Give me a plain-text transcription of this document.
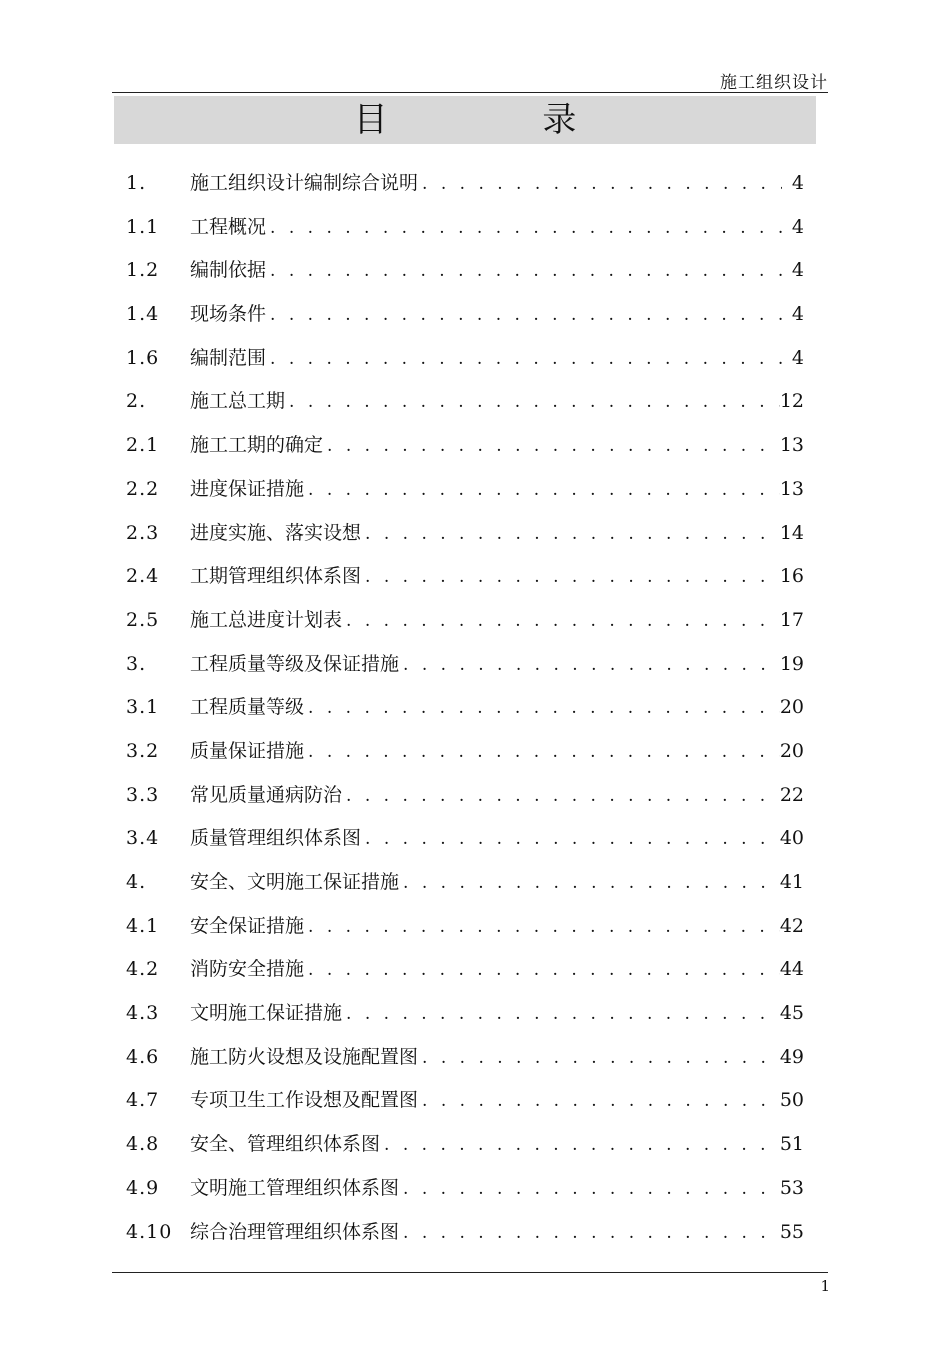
施工组织设计
目 录
1.	施工组织设计编制综合说明 . . .	4
1.1	工程概况 . . .	4
1.2	编制依据 . . .	4
1.4	现场条件 . . .	4
1.6	编制范围 . . .	4
2.	施工总工期 . . .	12
2.1	施工工期的确定 . . .	13
2.2	进度保证措施 . . .	13
2.3	进度实施、落实设想 . . .	14
2.4	工期管理组织体系图 . . .	16
2.5	施工总进度计划表 . . .	17
3.	工程质量等级及保证措施 . . .	19
3.1	工程质量等级 . . .	20
3.2	质量保证措施 . . .	20
3.3	常见质量通病防治 . . .	22
3.4	质量管理组织体系图 . . .	40
4.	安全、文明施工保证措施 . . .	41
4.1	安全保证措施 . . .	42
4.2	消防安全措施 . . .	44
4.3	文明施工保证措施 . . .	45
4.6	施工防火设想及设施配置图 . . .	49
4.7	专项卫生工作设想及配置图 . . .	50
4.8	安全、管理组织体系图 . . .	51
4.9	文明施工管理组织体系图 . . .	53
4.10 综合治理管理组织体系图 . . .	55
1
